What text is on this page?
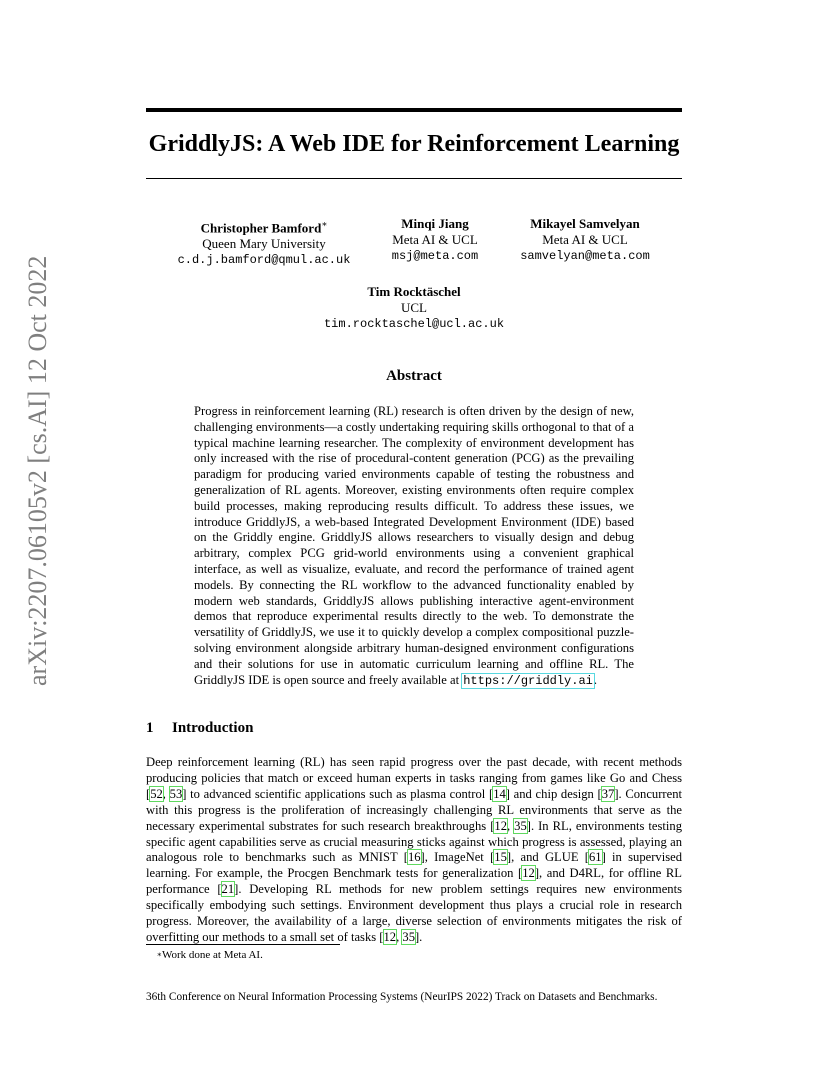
arXiv:2207.06105v2 [cs.AI] 12 Oct 2022
GriddlyJS: A Web IDE for Reinforcement Learning
Christopher Bamford∗
Queen Mary University
c.d.j.bamford@qmul.ac.uk
Minqi Jiang
Meta AI & UCL
msj@meta.com
Mikayel Samvelyan
Meta AI & UCL
samvelyan@meta.com
Tim Rocktäschel
UCL
tim.rocktaschel@ucl.ac.uk
Abstract

Progress in reinforcement learning (RL) research is often driven by the design of new, challenging environments—a costly undertaking requiring skills orthogonal to that of a typical machine learning researcher. The complexity of environment development has only increased with the rise of procedural-content generation (PCG) as the prevailing paradigm for producing varied environments capable of testing the robustness and generalization of RL agents. Moreover, existing environments often require complex build processes, making reproducing results difficult. To address these issues, we introduce GriddlyJS, a web-based Integrated Development Environment (IDE) based on the Griddly engine. GriddlyJS allows researchers to visually design and debug arbitrary, complex PCG grid-world environments using a convenient graphical interface, as well as visualize, evaluate, and record the performance of trained agent models. By connecting the RL workflow to the advanced functionality enabled by modern web standards, GriddlyJS allows publishing interactive agent-environment demos that reproduce experimental results directly to the web. To demonstrate the versatility of GriddlyJS, we use it to quickly develop a complex compositional puzzle-solving environment alongside arbitrary human-designed environment configurations and their solutions for use in automatic curriculum learning and offline RL. The GriddlyJS IDE is open source and freely available at https://griddly.ai.

1 Introduction

Deep reinforcement learning (RL) has seen rapid progress over the past decade, with recent methods producing policies that match or exceed human experts in tasks ranging from games like Go and Chess [52, 53] to advanced scientific applications such as plasma control [14] and chip design [37]. Concurrent with this progress is the proliferation of increasingly challenging RL environments that serve as the necessary experimental substrates for such research breakthroughs [12, 35]. In RL, environments testing specific agent capabilities serve as crucial measuring sticks against which progress is assessed, playing an analogous role to benchmarks such as MNIST [16], ImageNet [15], and GLUE [61] in supervised learning. For example, the Procgen Benchmark tests for generalization [12], and D4RL, for offline RL performance [21]. Developing RL methods for new problem settings requires new environments specifically embodying such settings. Environment development thus plays a crucial role in research progress. Moreover, the availability of a large, diverse selection of environments mitigates the risk of overfitting our methods to a small set of tasks [12, 35].

∗Work done at Meta AI.
36th Conference on Neural Information Processing Systems (NeurIPS 2022) Track on Datasets and Benchmarks.
